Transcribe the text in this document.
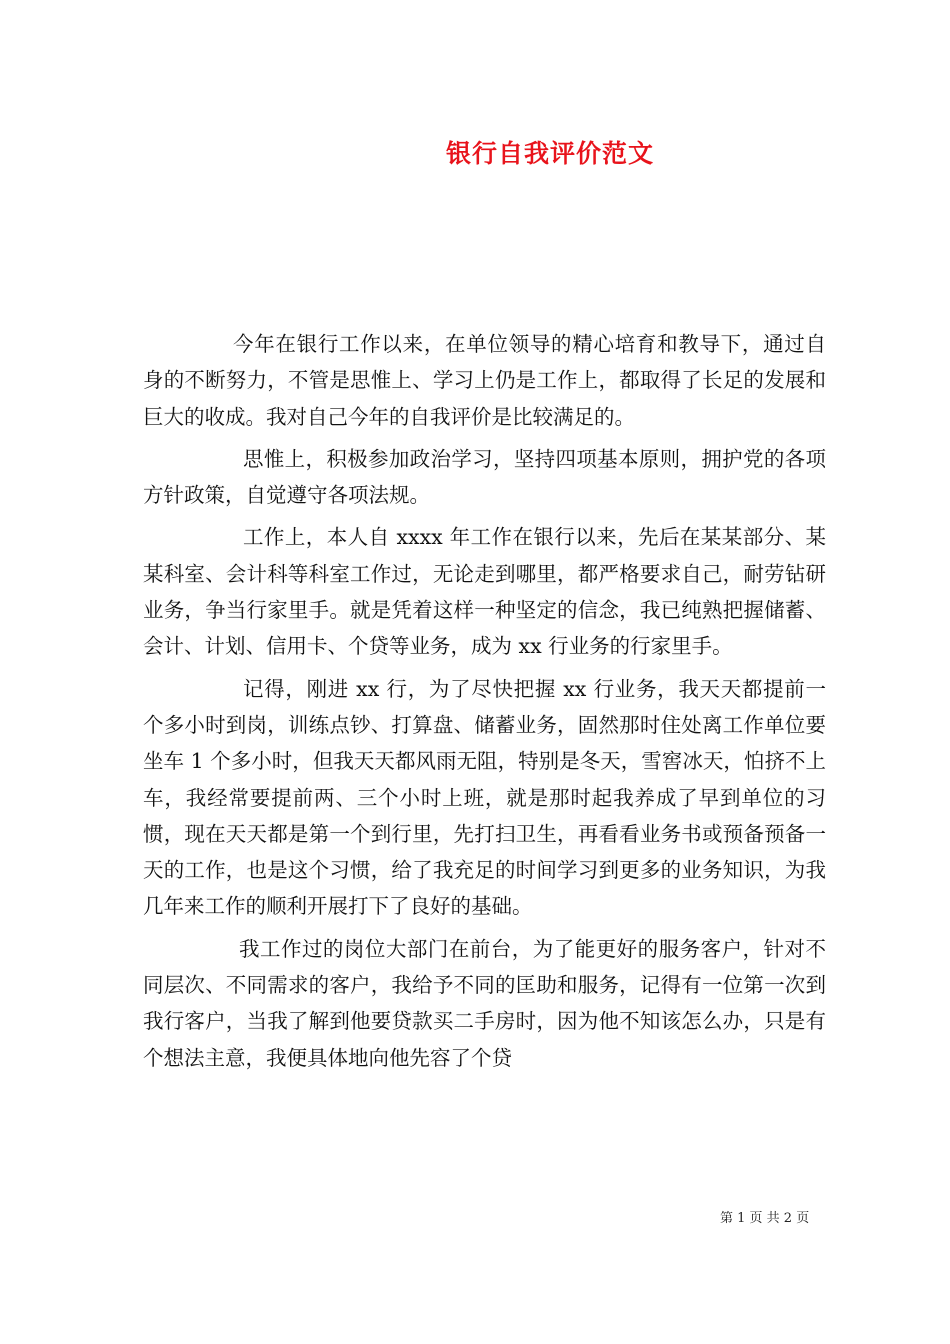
银行自我评价范文

今年在银行工作以来，在单位领导的精心培育和教导下，通过自身的不断努力，不管是思惟上、学习上仍是工作上，都取得了长足的发展和巨大的收成。我对自己今年的自我评价是比较满足的。

思惟上，积极参加政治学习，坚持四项基本原则，拥护党的各项方针政策，自觉遵守各项法规。

工作上，本人自 xxxx 年工作在银行以来，先后在某某部分、某某科室、会计科等科室工作过，无论走到哪里，都严格要求自己，耐劳钻研业务，争当行家里手。就是凭着这样一种坚定的信念，我已纯熟把握储蓄、会计、计划、信用卡、个贷等业务，成为 xx 行业务的行家里手。

记得，刚进 xx 行，为了尽快把握 xx 行业务，我天天都提前一个多小时到岗，训练点钞、打算盘、储蓄业务，固然那时住处离工作单位要坐车 1 个多小时，但我天天都风雨无阻，特别是冬天，雪窖冰天，怕挤不上车，我经常要提前两、三个小时上班，就是那时起我养成了早到单位的习惯，现在天天都是第一个到行里，先打扫卫生，再看看业务书或预备预备一天的工作，也是这个习惯，给了我充足的时间学习到更多的业务知识，为我几年来工作的顺利开展打下了良好的基础。

我工作过的岗位大部门在前台，为了能更好的服务客户，针对不同层次、不同需求的客户，我给予不同的匡助和服务，记得有一位第一次到我行客户，当我了解到他要贷款买二手房时，因为他不知该怎么办，只是有个想法主意，我便具体地向他先容了个贷

第 1 页 共 2 页
